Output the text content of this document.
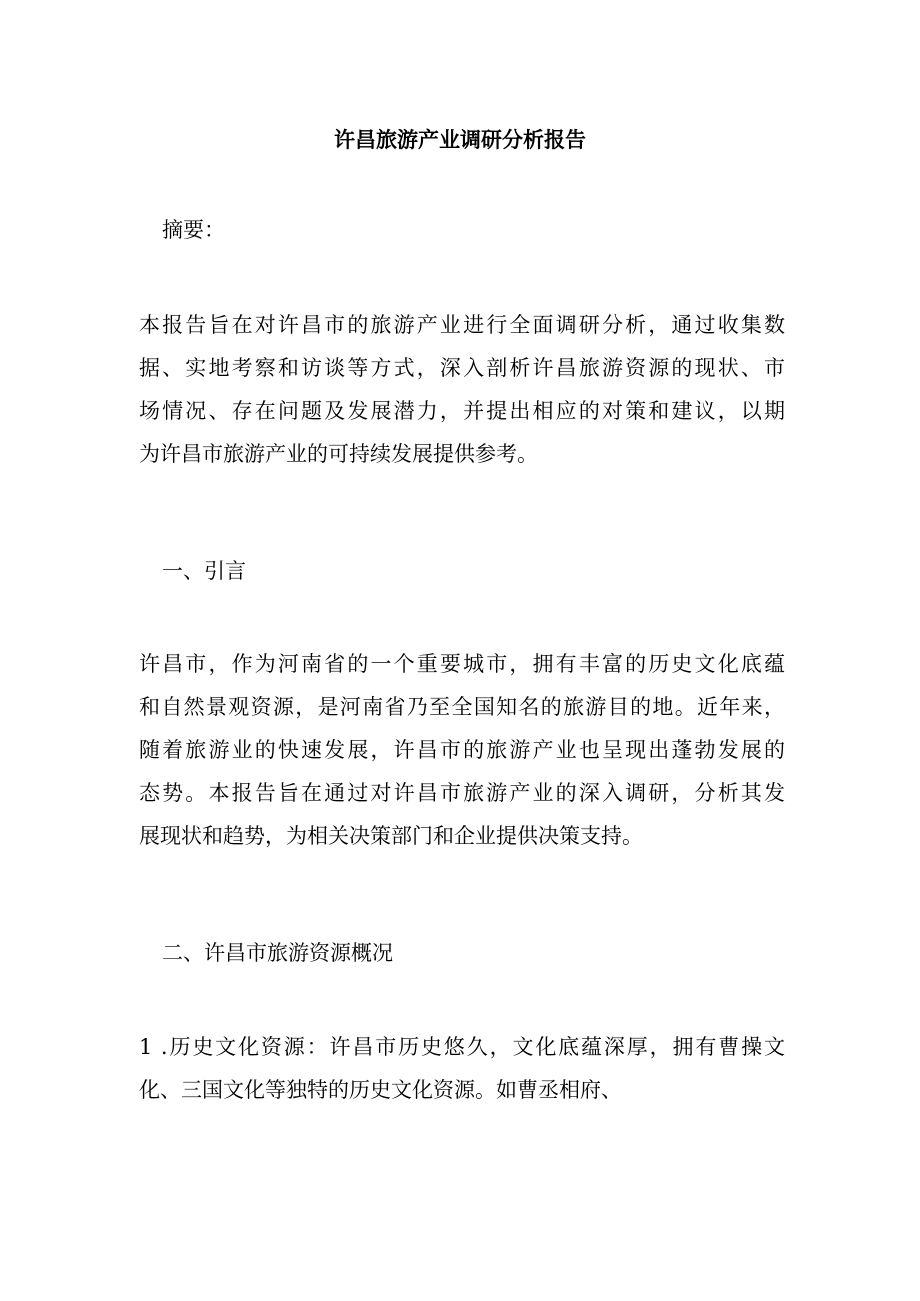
许昌旅游产业调研分析报告

摘要：

本报告旨在对许昌市的旅游产业进行全面调研分析，通过收集数
据、实地考察和访谈等方式，深入剖析许昌旅游资源的现状、市
场情况、存在问题及发展潜力，并提出相应的对策和建议，以期
为许昌市旅游产业的可持续发展提供参考。

一、引言

许昌市，作为河南省的一个重要城市，拥有丰富的历史文化底蕴
和自然景观资源，是河南省乃至全国知名的旅游目的地。近年来，
随着旅游业的快速发展，许昌市的旅游产业也呈现出蓬勃发展的
态势。本报告旨在通过对许昌市旅游产业的深入调研，分析其发
展现状和趋势，为相关决策部门和企业提供决策支持。

二、许昌市旅游资源概况

1 .历史文化资源：许昌市历史悠久，文化底蕴深厚，拥有曹操文
化、三国文化等独特的历史文化资源。如曹丞相府、
